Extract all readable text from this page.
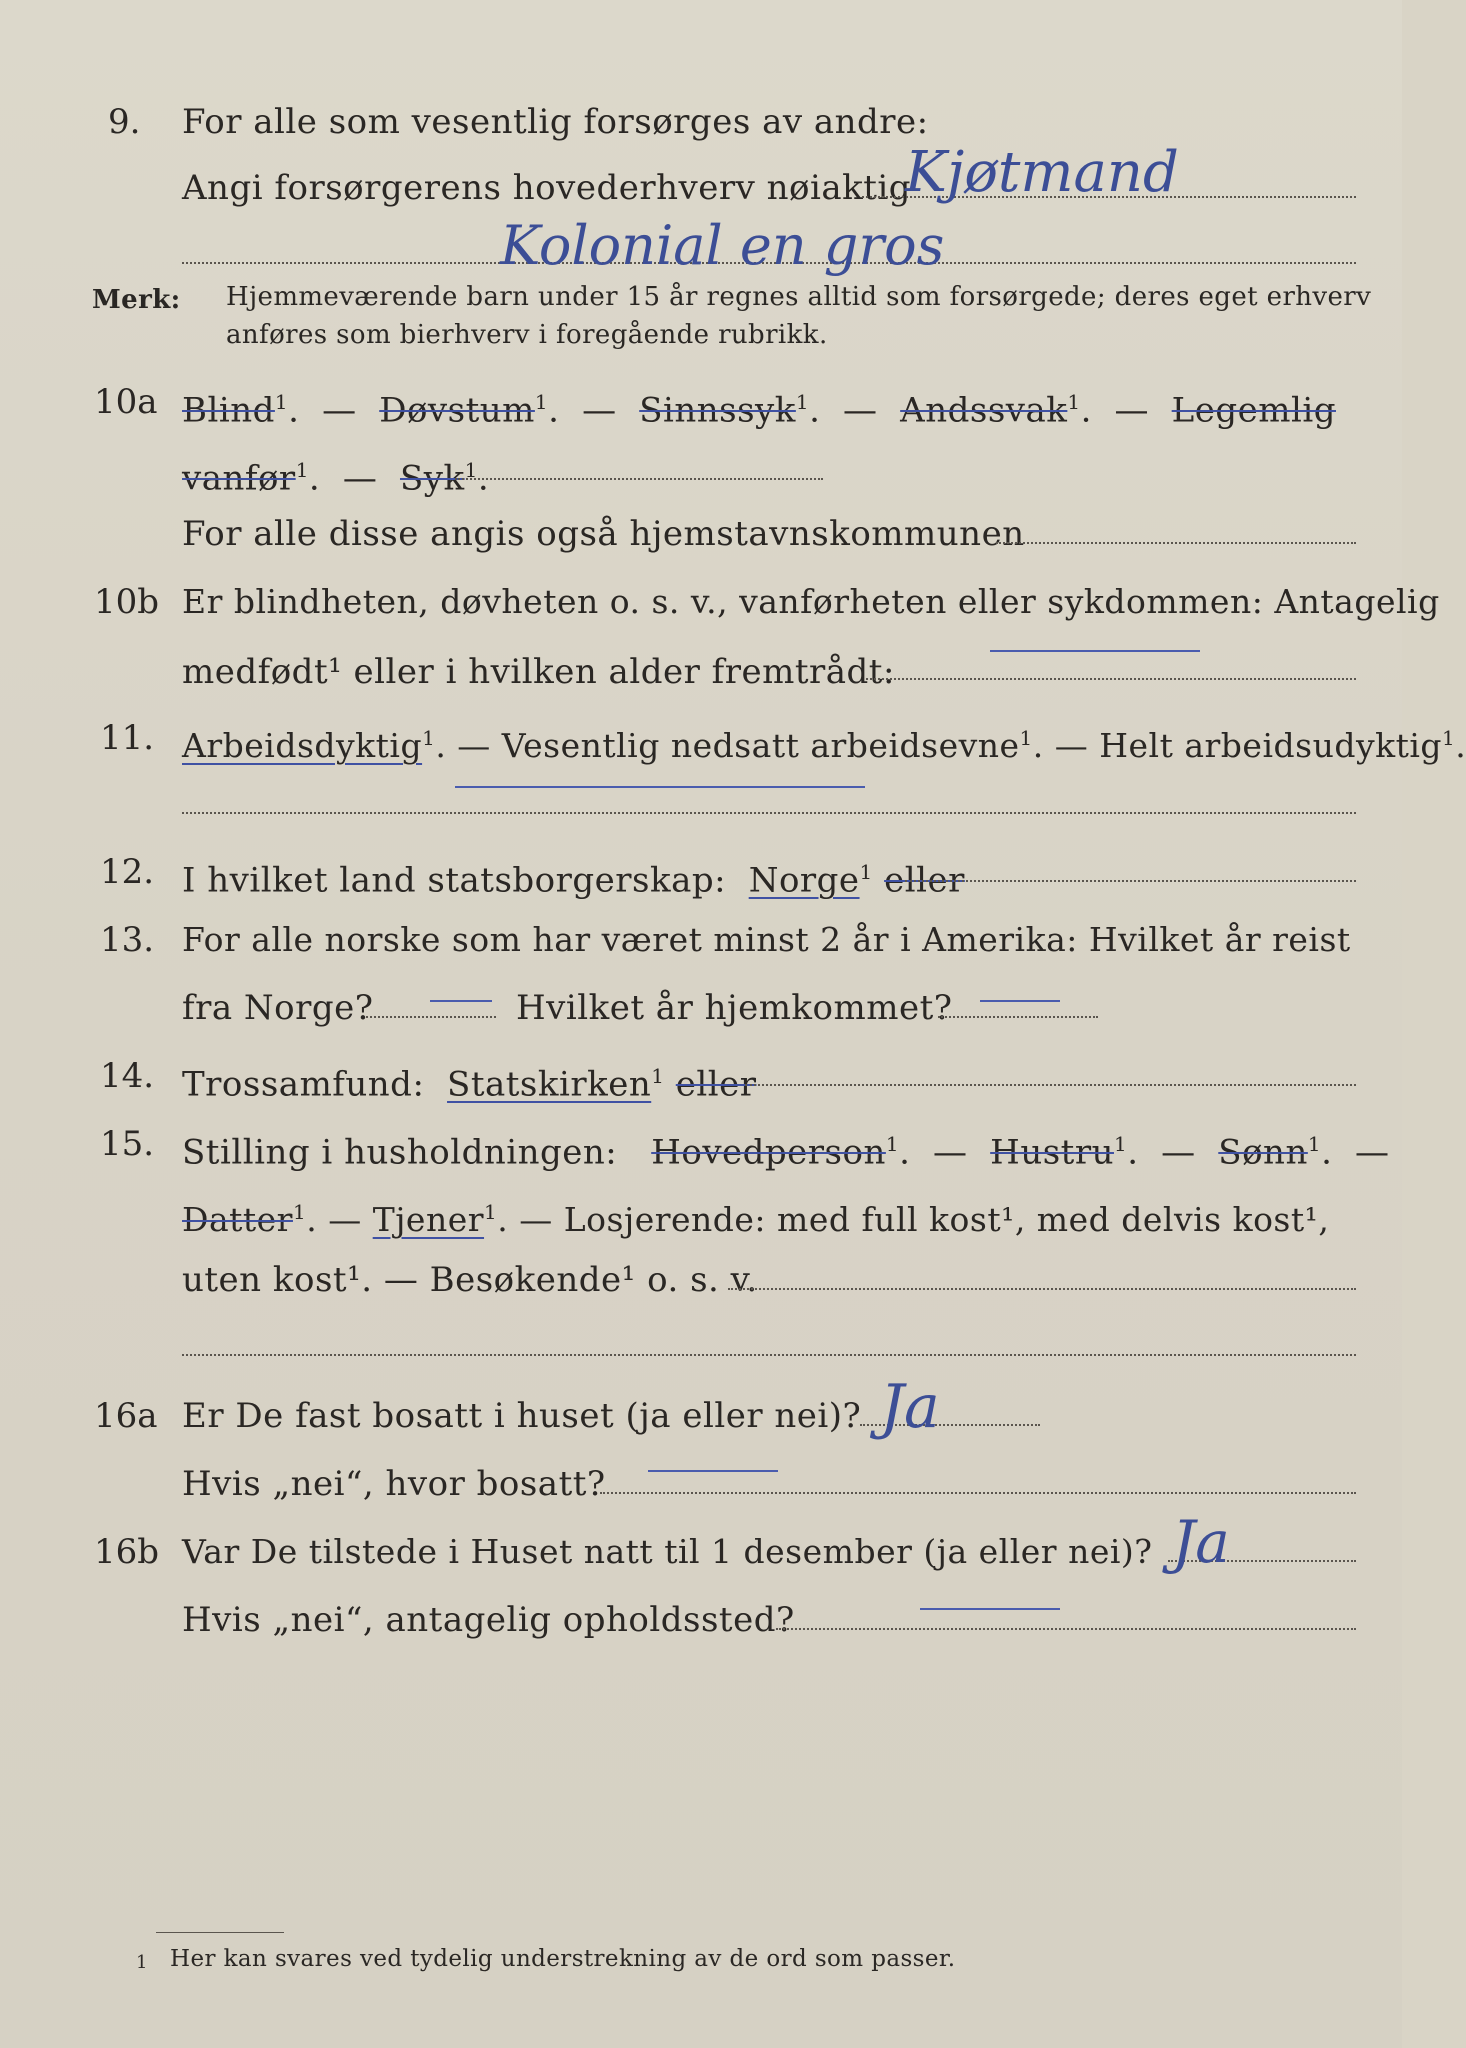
9. For alle som vesentlig forsørges av andre:
Angi forsørgerens hovederhverv nøiaktig
Kjøtmand
Kolonial en gros
Merk: Hjemmeværende barn under 15 år regnes alltid som forsørgede; deres eget erhverv
anføres som bierhverv i foregående rubrikk.
10a Blind$^1$.  — Døvstum$^1$.  — Sinnssyk$^1$.  — Andssvak$^1$.  — Legemlig
vanfør$^1$.  — Syk$^1$.
For alle disse angis også hjemstavnskommunen
10b Er blindheten, døvheten o. s. v., vanførheten eller sykdommen: Antagelig
medfødt¹ eller i hvilken alder fremtrådt:
11. Arbeidsdyktig$^1$. — Vesentlig nedsatt arbeidsevne$^1$. — Helt arbeidsudyktig$^1$.
12. I hvilket land statsborgerskap: Norge$^1$ eller
13. For alle norske som har været minst 2 år i Amerika: Hvilket år reist
fra Norge?	Hvilket år hjemkommet?
14. Trossamfund: Statskirken$^1$ eller
15. Stilling i husholdningen: Hovedperson$^1$.  — Hustru$^1$.  — Sønn$^1$.  —
Datter$^1$. — Tjener$^1$. — Losjerende: med full kost¹, med delvis kost¹,
uten kost¹. — Besøkende¹ o. s. v.
16a Er De fast bosatt i huset (ja eller nei)? Ja
Hvis „nei“, hvor bosatt?
16b Var De tilstede i Huset natt til 1 desember (ja eller nei)? Ja
Hvis „nei“, antagelig opholdssted?
1 Her kan svares ved tydelig understrekning av de ord som passer.
